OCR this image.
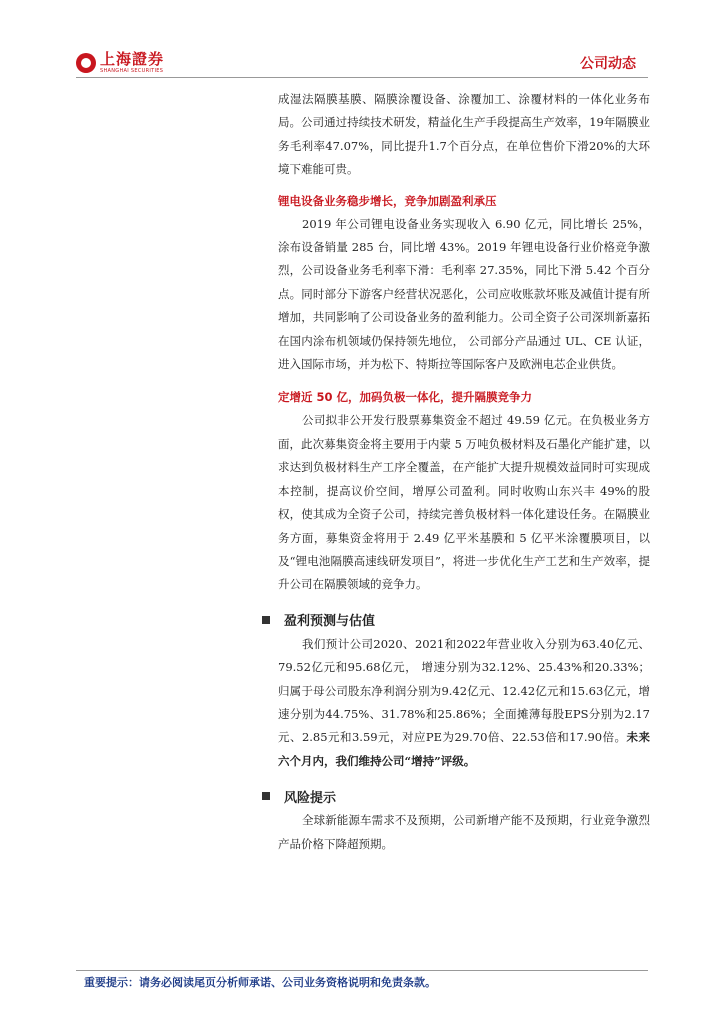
上海證券
SHANGHAI SECURITIES	公司动态

成湿法隔膜基膜、隔膜涂覆设备、涂覆加工、涂覆材料的一体化业务布局。公司通过持续技术研发，精益化生产手段提高生产效率，19年隔膜业务毛利率47.07%，同比提升1.7个百分点，在单位售价下滑20%的大环境下难能可贵。

锂电设备业务稳步增长，竞争加剧盈利承压

2019 年公司锂电设备业务实现收入 6.90 亿元，同比增长 25%，涂布设备销量 285 台，同比增 43%。2019 年锂电设备行业价格竞争激烈，公司设备业务毛利率下滑：毛利率 27.35%，同比下滑 5.42 个百分点。同时部分下游客户经营状况恶化，公司应收账款坏账及减值计提有所增加，共同影响了公司设备业务的盈利能力。公司全资子公司深圳新嘉拓在国内涂布机领域仍保持领先地位， 公司部分产品通过 UL、CE 认证，进入国际市场，并为松下、特斯拉等国际客户及欧洲电芯企业供货。

定增近 50 亿，加码负极一体化，提升隔膜竞争力

公司拟非公开发行股票募集资金不超过 49.59 亿元。在负极业务方面，此次募集资金将主要用于内蒙 5 万吨负极材料及石墨化产能扩建，以求达到负极材料生产工序全覆盖，在产能扩大提升规模效益同时可实现成本控制，提高议价空间，增厚公司盈利。同时收购山东兴丰 49%的股权，使其成为全资子公司，持续完善负极材料一体化建设任务。在隔膜业务方面，募集资金将用于 2.49 亿平米基膜和 5 亿平米涂覆膜项目，以及“锂电池隔膜高速线研发项目”，将进一步优化生产工艺和生产效率，提升公司在隔膜领域的竞争力。

盈利预测与估值

我们预计公司2020、2021和2022年营业收入分别为63.40亿元、79.52亿元和95.68亿元， 增速分别为32.12%、25.43%和20.33%；归属于母公司股东净利润分别为9.42亿元、12.42亿元和15.63亿元，增速分别为44.75%、31.78%和25.86%；全面摊薄每股EPS分别为2.17元、2.85元和3.59元，对应PE为29.70倍、22.53倍和17.90倍。未来六个月内，我们维持公司“增持”评级。

风险提示

全球新能源车需求不及预期，公司新增产能不及预期，行业竞争激烈产品价格下降超预期。

重要提示：请务必阅读尾页分析师承诺、公司业务资格说明和免责条款。
